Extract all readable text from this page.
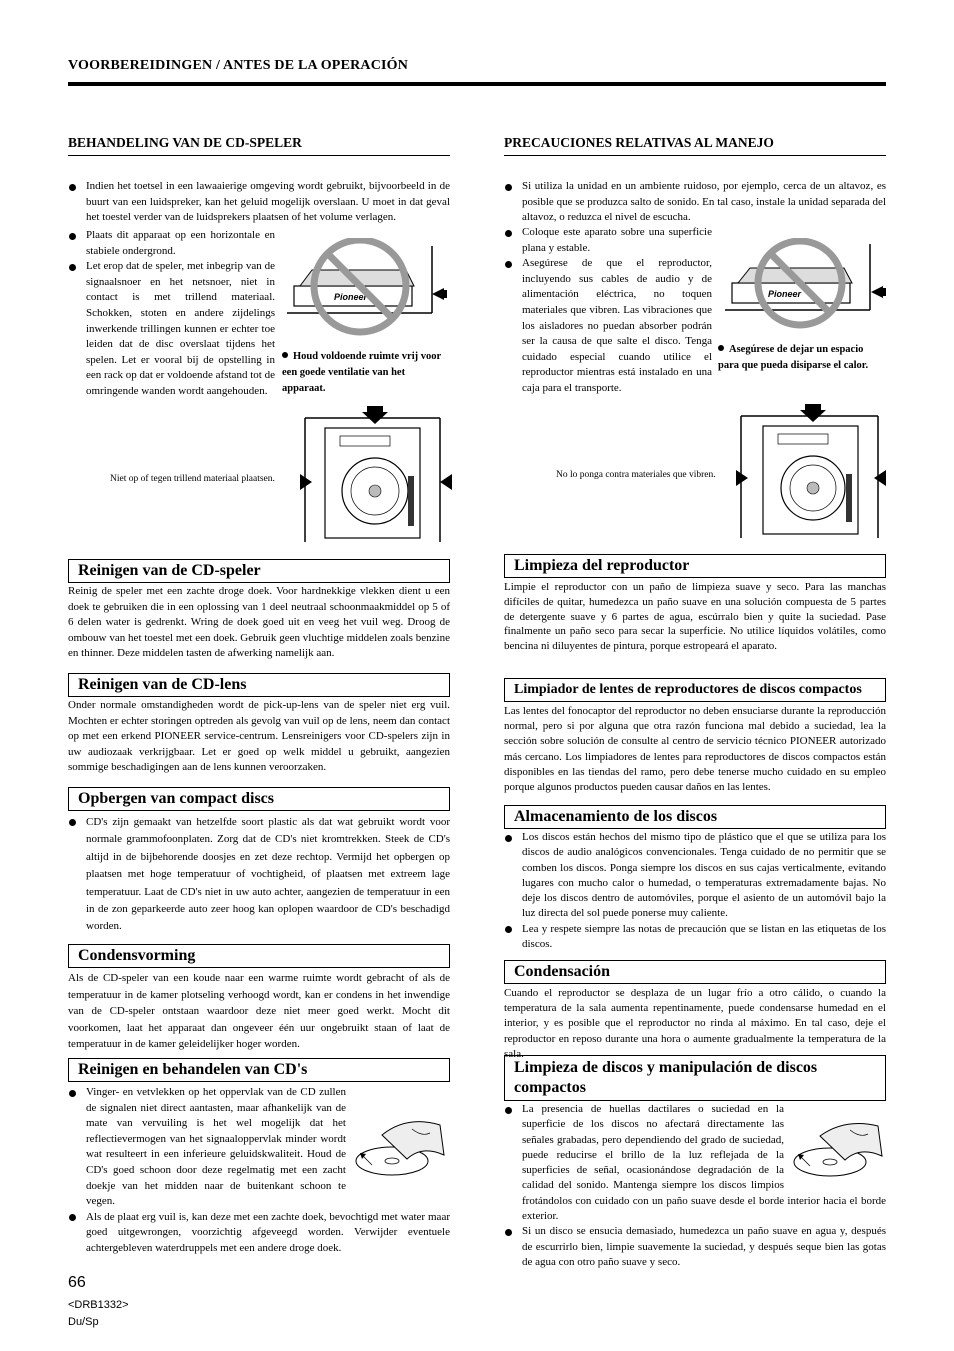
VOORBEREIDINGEN / ANTES DE LA OPERACIÓN
BEHANDELING VAN DE CD-SPELER
Indien het toetsel in een lawaaierige omgeving wordt gebruikt, bijvoorbeeld in de buurt van een luidspreker, kan het geluid mogelijk overslaan. U moet in dat geval het toestel verder van de luidsprekers plaatsen of het volume verlagen.
Plaats dit apparaat op een horizontale en stabiele ondergrond.
Let erop dat de speler, met inbegrip van de signaalsnoer en het netsnoer, niet in contact is met trillend materiaal. Schokken, stoten en andere zijdelings inwerkende trillingen kunnen er echter toe leiden dat de disc overslaat tijdens het spelen. Let er vooral bij de opstelling in een rack op dat er voldoende afstand tot de omringende wanden wordt aangehouden.
Pioneer
Houd voldoende ruimte vrij voor een goede ventilatie van het apparaat.
Niet op of tegen trillend materiaal plaatsen.
Reinigen van de CD-speler
Reinig de speler met een zachte droge doek. Voor hardnekkige vlekken dient u een doek te gebruiken die in een oplossing van 1 deel neutraal schoonmaakmiddel op 5 of 6 delen water is gedrenkt. Wring de doek goed uit en veeg het vuil weg. Droog de ombouw van het toestel met een doek. Gebruik geen vluchtige middelen zoals benzine en thinner. Deze middelen tasten de afwerking namelijk aan.
Reinigen van de CD-lens
Onder normale omstandigheden wordt de pick-up-lens van de speler niet erg vuil. Mochten er echter storingen optreden als gevolg van vuil op de lens, neem dan contact op met een erkend PIONEER service-centrum. Lensreinigers voor CD-spelers zijn in uw audiozaak verkrijgbaar. Let er goed op welk middel u gebruikt, aangezien sommige beschadigingen aan de lens kunnen veroorzaken.
Opbergen van compact discs
CD's zijn gemaakt van hetzelfde soort plastic als dat wat gebruikt wordt voor normale grammofoonplaten. Zorg dat de CD's niet kromtrekken. Steek de CD's altijd in de bijbehorende doosjes en zet deze rechtop. Vermijd het opbergen op plaatsen met hoge temperatuur of vochtigheid, of plaatsen met extreem lage temperatuur. Laat de CD's niet in uw auto achter, aangezien de temperatuur in een in de zon geparkeerde auto zeer hoog kan oplopen waardoor de CD's beschadigd worden.
Condensvorming
Als de CD-speler van een koude naar een warme ruimte wordt gebracht of als de temperatuur in de kamer plotseling verhoogd wordt, kan er condens in het inwendige van de CD-speler ontstaan waardoor deze niet meer goed werkt. Mocht dit voorkomen, laat het apparaat dan ongeveer één uur ongebruikt staan of laat de temperatuur in de kamer geleidelijker hoger worden.
Reinigen en behandelen van CD's
Vinger- en vetvlekken op het oppervlak van de CD zullen de signalen niet direct aantasten, maar afhankelijk van de mate van vervuiling is het wel mogelijk dat het reflectievermogen van het signaaloppervlak minder wordt wat resulteert in een inferieure geluidskwaliteit. Houd de CD's goed schoon door deze regelmatig met een zacht doekje van het midden naar de buitenkant schoon te vegen.
Als de plaat erg vuil is, kan deze met een zachte doek, bevochtigd met water maar goed uitgewrongen, voorzichtig afgeveegd worden. Verwijder eventuele achtergebleven waterdruppels met een andere droge doek.
PRECAUCIONES RELATIVAS AL MANEJO
Si utiliza la unidad en un ambiente ruidoso, por ejemplo, cerca de un altavoz, es posible que se produzca salto de sonido. En tal caso, instale la unidad separada del altavoz, o reduzca el nivel de escucha.
Coloque este aparato sobre una superficie plana y estable.
Asegúrese de que el reproductor, incluyendo sus cables de audio y de alimentación eléctrica, no toquen materiales que vibren. Las vibraciones que los aisladores no puedan absorber podrán ser la causa de que salte el disco. Tenga cuidado especial cuando utilice el reproductor mientras está instalado en una caja para el transporte.
Pioneer
Asegúrese de dejar un espacio para que pueda disiparse el calor.
No lo ponga contra materiales que vibren.
Limpieza del reproductor
Limpie el reproductor con un paño de limpieza suave y seco. Para las manchas difíciles de quitar, humedezca un paño suave en una solución compuesta de 5 partes de detergente suave y 6 partes de agua, escúrralo bien y quite la suciedad. Pase finalmente un paño seco para secar la superficie. No utilice líquidos volátiles, como bencina ni diluyentes de pintura, porque estropeará el aparato.
Limpiador de lentes de reproductores de discos compactos
Las lentes del fonocaptor del reproductor no deben ensuciarse durante la reproducción normal, pero si por alguna que otra razón funciona mal debido a suciedad, lea la sección sobre solución de consulte al centro de servicio técnico PIONEER autorizado más cercano. Los limpiadores de lentes para reproductores de discos compactos están disponibles en las tiendas del ramo, pero debe tenerse mucho cuidado en su empleo porque algunos productos pueden causar daños en las lentes.
Almacenamiento de los discos
Los discos están hechos del mismo tipo de plástico que el que se utiliza para los discos de audio analógicos convencionales. Tenga cuidado de no permitir que se comben los discos. Ponga siempre los discos en sus cajas verticalmente, evitando lugares con mucho calor o humedad, o temperaturas extremadamente bajas. No deje los discos dentro de automóviles, porque el asiento de un automóvil bajo la luz directa del sol puede ponerse muy caliente.
Lea y respete siempre las notas de precaución que se listan en las etiquetas de los discos.
Condensación
Cuando el reproductor se desplaza de un lugar frío a otro cálido, o cuando la temperatura de la sala aumenta repentinamente, puede condensarse humedad en el interior, y es posible que el reproductor no rinda al máximo. En tal caso, deje el reproductor en reposo durante una hora o aumente gradualmente la temperatura de la sala.
Limpieza de discos y manipulación de discos compactos
La presencia de huellas dactilares o suciedad en la superficie de los discos no afectará directamente las señales grabadas, pero dependiendo del grado de suciedad, puede reducirse el brillo de la luz reflejada de la superficies de señal, ocasionándose degradación de la calidad del sonido. Mantenga siempre los discos limpios frotándolos con cuidado con un paño suave desde el borde interior hacia el borde exterior.
Si un disco se ensucia demasiado, humedezca un paño suave en agua y, después de escurrirlo bien, limpie suavemente la suciedad, y después seque bien las gotas de agua con otro paño suave y seco.
66
<DRB1332>
Du/Sp
